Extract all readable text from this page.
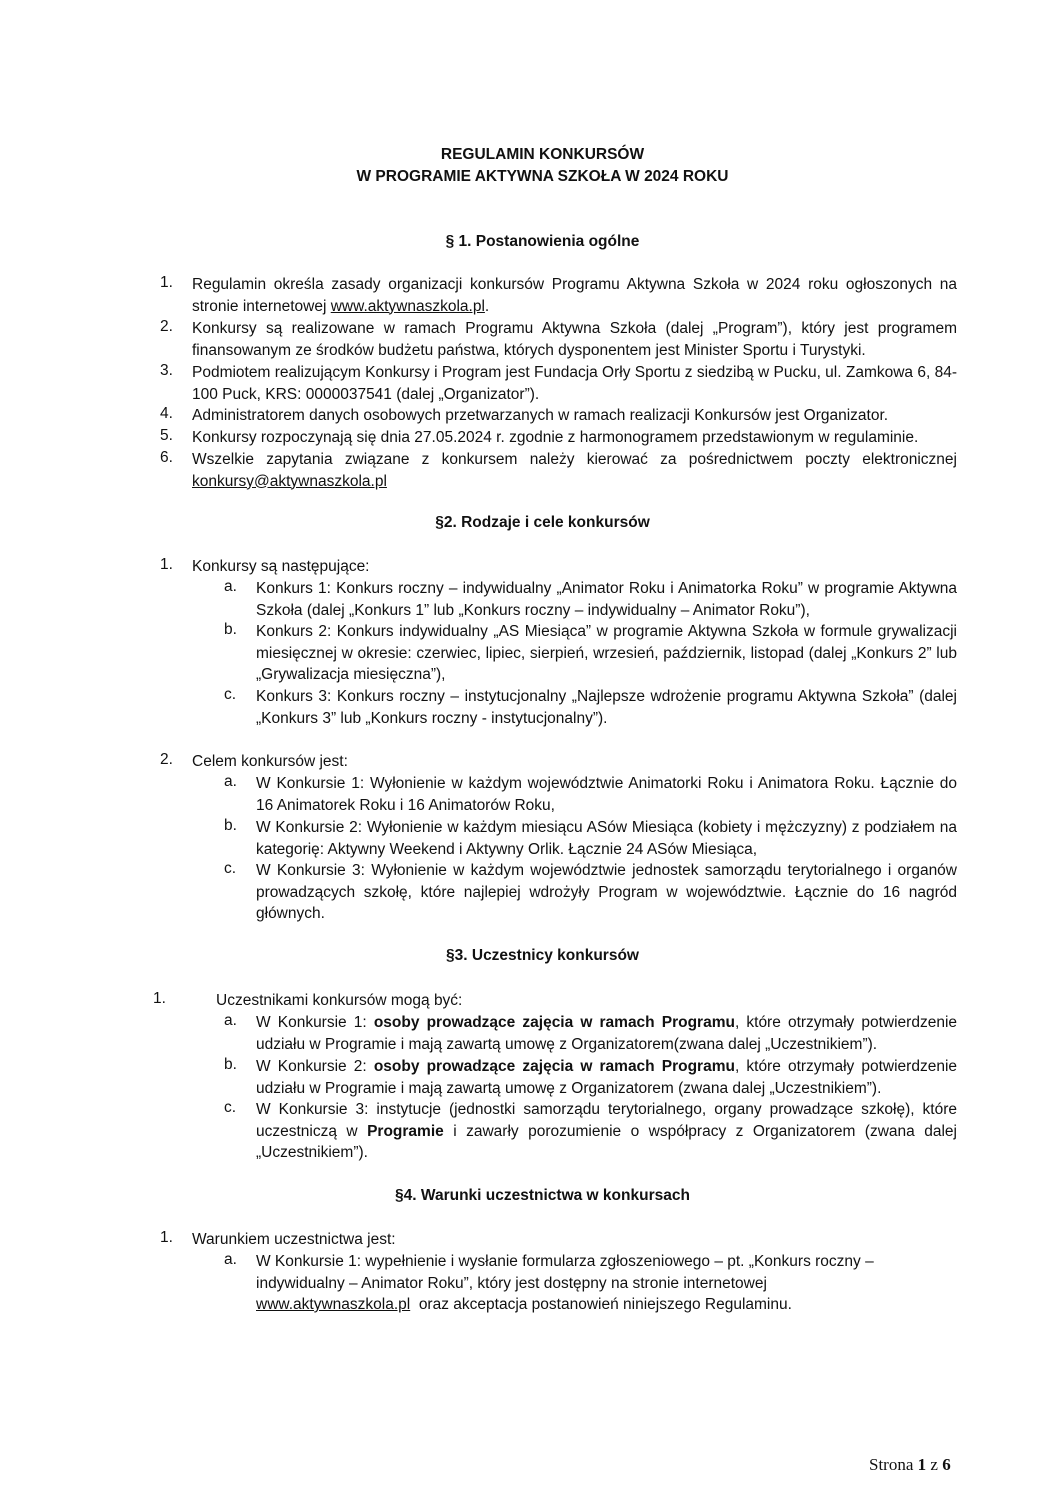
REGULAMIN KONKURSÓW
W PROGRAMIE AKTYWNA SZKOŁA W 2024 ROKU
§ 1. Postanowienia ogólne
1. Regulamin określa zasady organizacji konkursów Programu Aktywna Szkoła w 2024 roku ogłoszonych na stronie internetowej www.aktywnaszkola.pl.
2. Konkursy są realizowane w ramach Programu Aktywna Szkoła (dalej „Program”), który jest programem finansowanym ze środków budżetu państwa, których dysponentem jest Minister Sportu i Turystyki.
3. Podmiotem realizującym Konkursy i Program jest Fundacja Orły Sportu z siedzibą w Pucku, ul. Zamkowa 6, 84-100 Puck, KRS: 0000037541 (dalej „Organizator”).
4. Administratorem danych osobowych przetwarzanych w ramach realizacji Konkursów jest Organizator.
5. Konkursy rozpoczynają się dnia 27.05.2024 r. zgodnie z harmonogramem przedstawionym w regulaminie.
6. Wszelkie zapytania związane z konkursem należy kierować za pośrednictwem poczty elektronicznej konkursy@aktywnaszkola.pl
§2. Rodzaje i cele konkursów
1. Konkursy są następujące:
a. Konkurs 1: Konkurs roczny – indywidualny „Animator Roku i Animatorka Roku” w programie Aktywna Szkoła (dalej „Konkurs 1” lub „Konkurs roczny – indywidualny – Animator Roku”),
b. Konkurs 2: Konkurs indywidualny „AS Miesiąca” w programie Aktywna Szkoła w formule grywalizacji miesięcznej w okresie: czerwiec, lipiec, sierpień, wrzesień, październik, listopad (dalej „Konkurs 2” lub „Grywalizacja miesięczna”),
c. Konkurs 3: Konkurs roczny – instytucjonalny „Najlepsze wdrożenie programu Aktywna Szkoła” (dalej „Konkurs 3” lub „Konkurs roczny - instytucjonalny”).
2. Celem konkursów jest:
a. W Konkursie 1: Wyłonienie w każdym województwie Animatorki Roku i Animatora Roku. Łącznie do 16 Animatorek Roku i 16 Animatorów Roku,
b. W Konkursie 2: Wyłonienie w każdym miesiącu ASów Miesiąca (kobiety i mężczyzny) z podziałem na kategorię: Aktywny Weekend i Aktywny Orlik. Łącznie 24 ASów Miesiąca,
c. W Konkursie 3: Wyłonienie w każdym województwie jednostek samorządu terytorialnego i organów prowadzących szkołę, które najlepiej wdrożyły Program w województwie. Łącznie do 16 nagród głównych.
§3. Uczestnicy konkursów
1.	Uczestnikami konkursów mogą być:
a. W Konkursie 1: osoby prowadzące zajęcia w ramach Programu, które otrzymały potwierdzenie udziału w Programie i mają zawartą umowę z Organizatorem(zwana dalej „Uczestnikiem”).
b. W Konkursie 2: osoby prowadzące zajęcia w ramach Programu, które otrzymały potwierdzenie udziału w Programie i mają zawartą umowę z Organizatorem (zwana dalej „Uczestnikiem”).
c. W Konkursie 3: instytucje (jednostki samorządu terytorialnego, organy prowadzące szkołę), które uczestniczą w Programie i zawarły porozumienie o współpracy z Organizatorem (zwana dalej „Uczestnikiem”).
§4. Warunki uczestnictwa w konkursach
1. Warunkiem uczestnictwa jest:
a. W Konkursie 1: wypełnienie i wysłanie formularza zgłoszeniowego – pt. „Konkurs roczny –
indywidualny – Animator Roku”, który jest dostępny na stronie internetowej
www.aktywnaszkola.pl  oraz akceptacja postanowień niniejszego Regulaminu.
Strona 1 z 6
